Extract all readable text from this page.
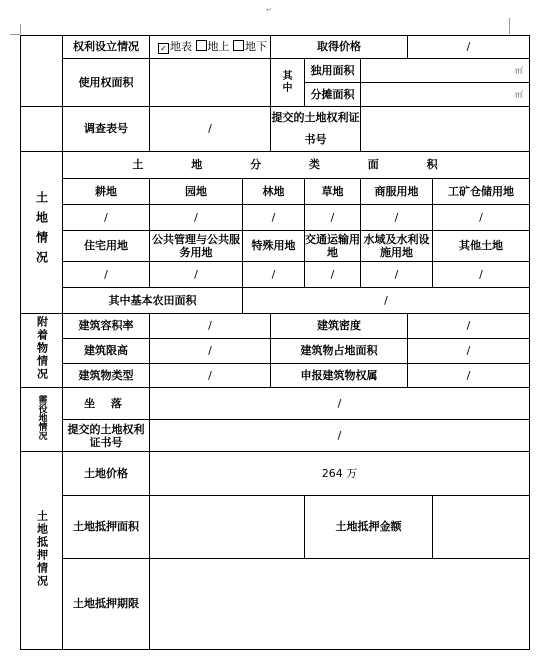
↵
	权利设立情况	✓ 地表 地上 地下		取得价格			/	
	使用权面积			其中	独用面积	㎡		
					分摊面积	㎡		
	调查表号	/		提交的土地权利证书号				
土地情况	土 地 分 类 面 积							
	耕地	园地	林地		草地	商服用地		工矿仓储用地
	/	/	/		/	/		/
	住宅用地	公共管理与公共服务用地	特殊用地		交通运输用地	水域及水利设施用地		其他土地
	/	/	/		/	/		/
	其中基本农田面积		/					
附着物情况	建筑容积率	/		建筑密度			/	
	建筑限高	/		建筑物占地面积			/	
	建筑物类型	/		申报建筑物权属			/	
需役地情况	坐 落	/						
	提交的土地权利证书号	/						
土地抵押情况	土地价格	264 万						
	土地抵押面积				土地抵押金额			
	土地抵押期限							
